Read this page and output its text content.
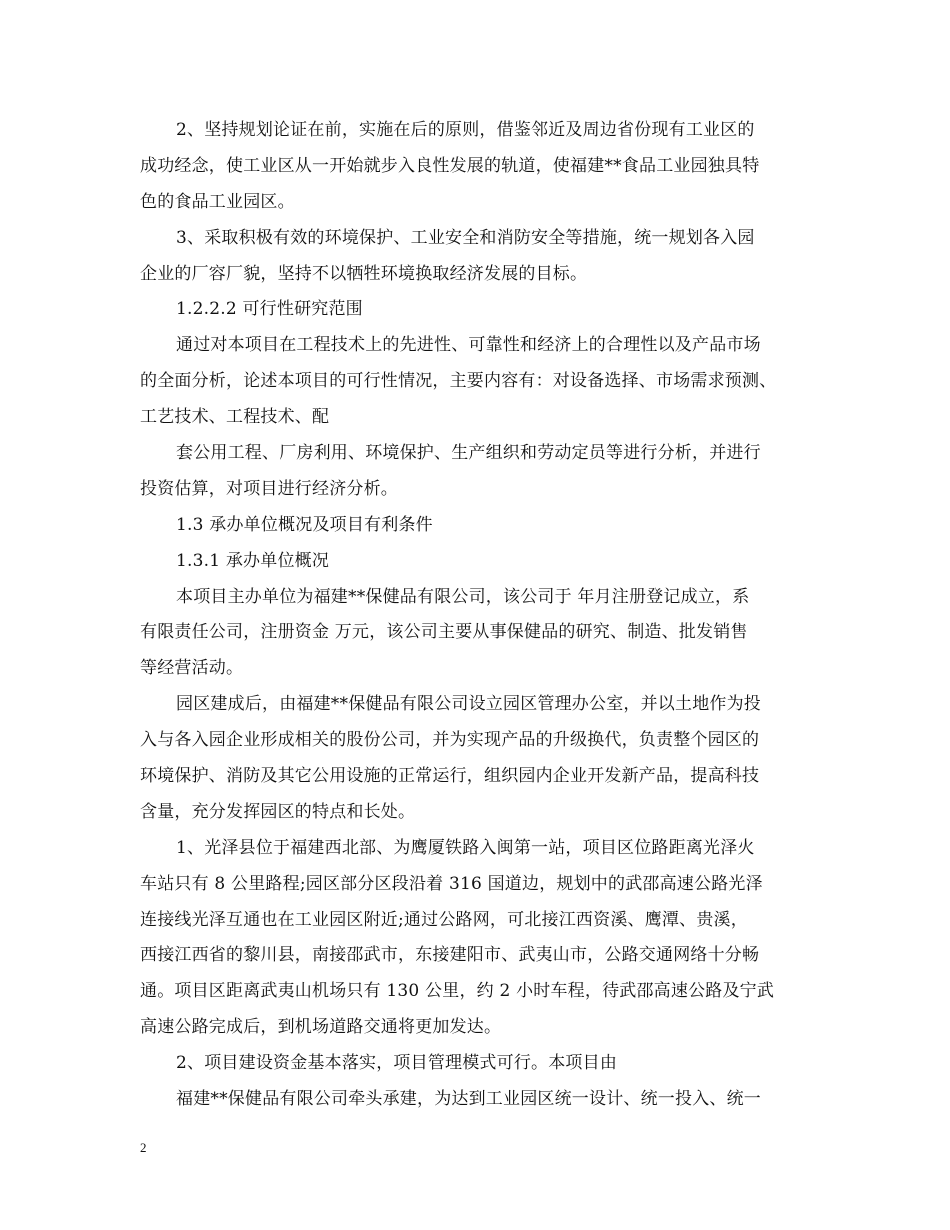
2、坚持规划论证在前，实施在后的原则，借鉴邻近及周边省份现有工业区的
成功经念，使工业区从一开始就步入良性发展的轨道，使福建**食品工业园独具特
色的食品工业园区。
3、采取积极有效的环境保护、工业安全和消防安全等措施，统一规划各入园
企业的厂容厂貌，坚持不以牺牲环境换取经济发展的目标。
1.2.2.2 可行性研究范围
通过对本项目在工程技术上的先进性、可靠性和经济上的合理性以及产品市场
的全面分析，论述本项目的可行性情况，主要内容有：对设备选择、市场需求预测、
工艺技术、工程技术、配
套公用工程、厂房利用、环境保护、生产组织和劳动定员等进行分析，并进行
投资估算，对项目进行经济分析。
1.3 承办单位概况及项目有利条件
1.3.1 承办单位概况
本项目主办单位为福建**保健品有限公司，该公司于 年月注册登记成立，系
有限责任公司，注册资金 万元，该公司主要从事保健品的研究、制造、批发销售
等经营活动。
园区建成后，由福建**保健品有限公司设立园区管理办公室，并以土地作为投
入与各入园企业形成相关的股份公司，并为实现产品的升级换代，负责整个园区的
环境保护、消防及其它公用设施的正常运行，组织园内企业开发新产品，提高科技
含量，充分发挥园区的特点和长处。
1、光泽县位于福建西北部、为鹰厦铁路入闽第一站，项目区位路距离光泽火
车站只有 8 公里路程;园区部分区段沿着 316 国道边，规划中的武邵高速公路光泽
连接线光泽互通也在工业园区附近;通过公路网，可北接江西资溪、鹰潭、贵溪，
西接江西省的黎川县，南接邵武市，东接建阳市、武夷山市，公路交通网络十分畅
通。项目区距离武夷山机场只有 130 公里，约 2 小时车程，待武邵高速公路及宁武
高速公路完成后，到机场道路交通将更加发达。
2、项目建设资金基本落实，项目管理模式可行。本项目由
福建**保健品有限公司牵头承建，为达到工业园区统一设计、统一投入、统一

2
